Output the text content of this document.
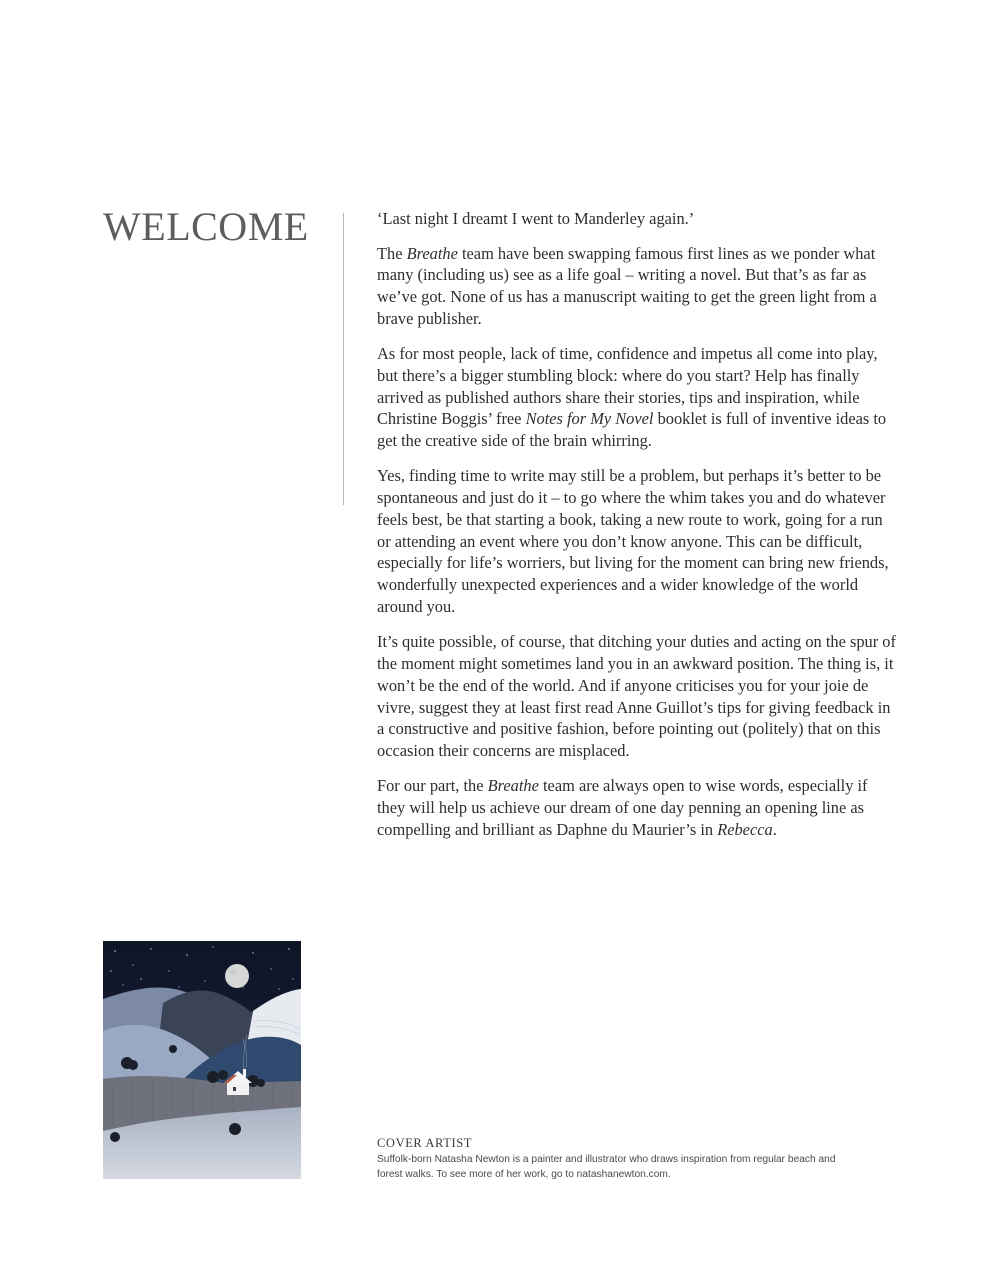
WELCOME	‘Last night I dreamt I went to Manderley again.’

The Breathe team have been swapping famous first lines as we ponder what many (including us) see as a life goal – writing a novel. But that’s as far as we’ve got. None of us has a manuscript waiting to get the green light from a brave publisher.

As for most people, lack of time, confidence and impetus all come into play, but there’s a bigger stumbling block: where do you start? Help has finally arrived as published authors share their stories, tips and inspiration, while Christine Boggis’ free Notes for My Novel booklet is full of inventive ideas to get the creative side of the brain whirring.

Yes, finding time to write may still be a problem, but perhaps it’s better to be spontaneous and just do it – to go where the whim takes you and do whatever feels best, be that starting a book, taking a new route to work, going for a run or attending an event where you don’t know anyone. This can be difficult, especially for life’s worriers, but living for the moment can bring new friends, wonderfully unexpected experiences and a wider knowledge of the world around you.

It’s quite possible, of course, that ditching your duties and acting on the spur of the moment might sometimes land you in an awkward position. The thing is, it won’t be the end of the world. And if anyone criticises you for your joie de vivre, suggest they at least first read Anne Guillot’s tips for giving feedback in a constructive and positive fashion, before pointing out (politely) that on this occasion their concerns are misplaced.

For our part, the Breathe team are always open to wise words, especially if they will help us achieve our dream of one day penning an opening line as compelling and brilliant as Daphne du Maurier’s in Rebecca.

COVER ARTIST

Suffolk-born Natasha Newton is a painter and illustrator who draws inspiration from regular beach and forest walks. To see more of her work, go to natashanewton.com.
